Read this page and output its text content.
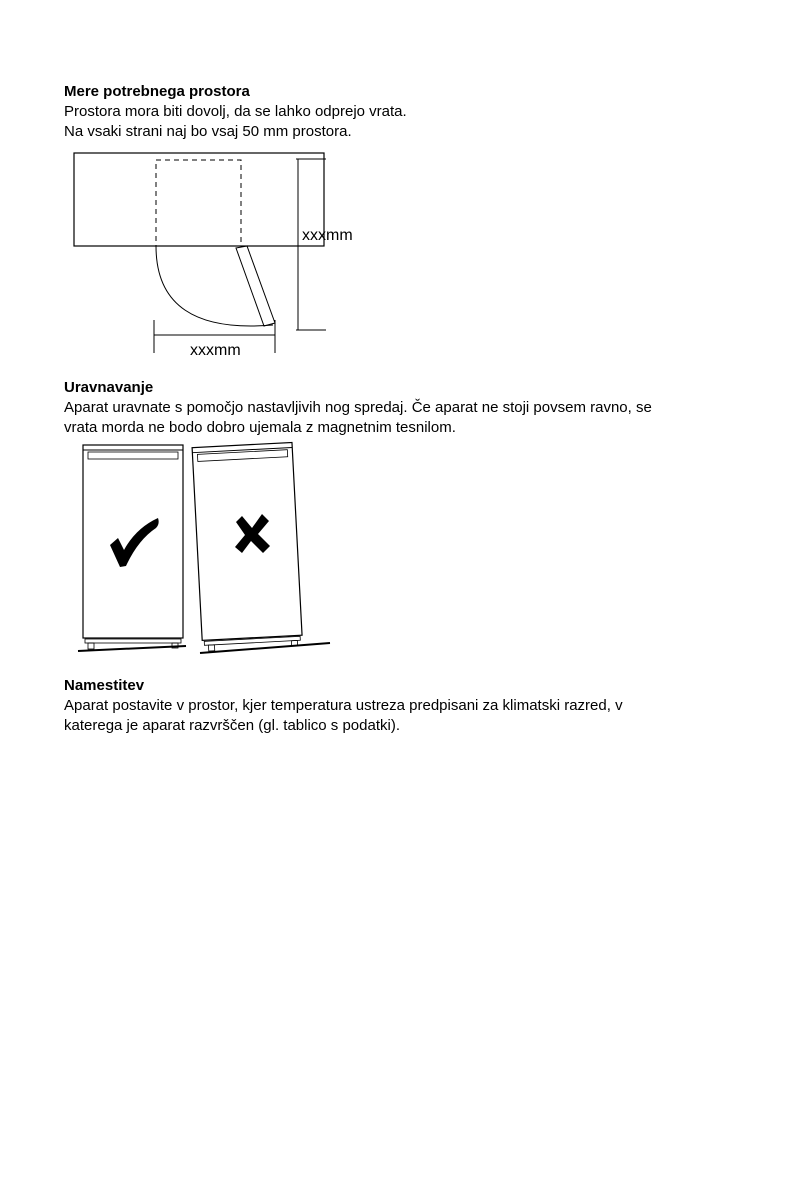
Mere potrebnega prostora

Prostora mora biti dovolj, da se lahko odprejo vrata.

Na vsaki strani naj bo vsaj 50 mm prostora.

xxxmm
xxxmm

Uravnavanje

Aparat uravnate s pomočjo nastavljivih nog spredaj. Če aparat ne stoji povsem ravno, se

vrata morda ne bodo dobro ujemala z magnetnim tesnilom.

Namestitev

Aparat postavite v prostor, kjer temperatura ustreza predpisani za klimatski razred, v

katerega je aparat razvrščen (gl. tablico s podatki).
